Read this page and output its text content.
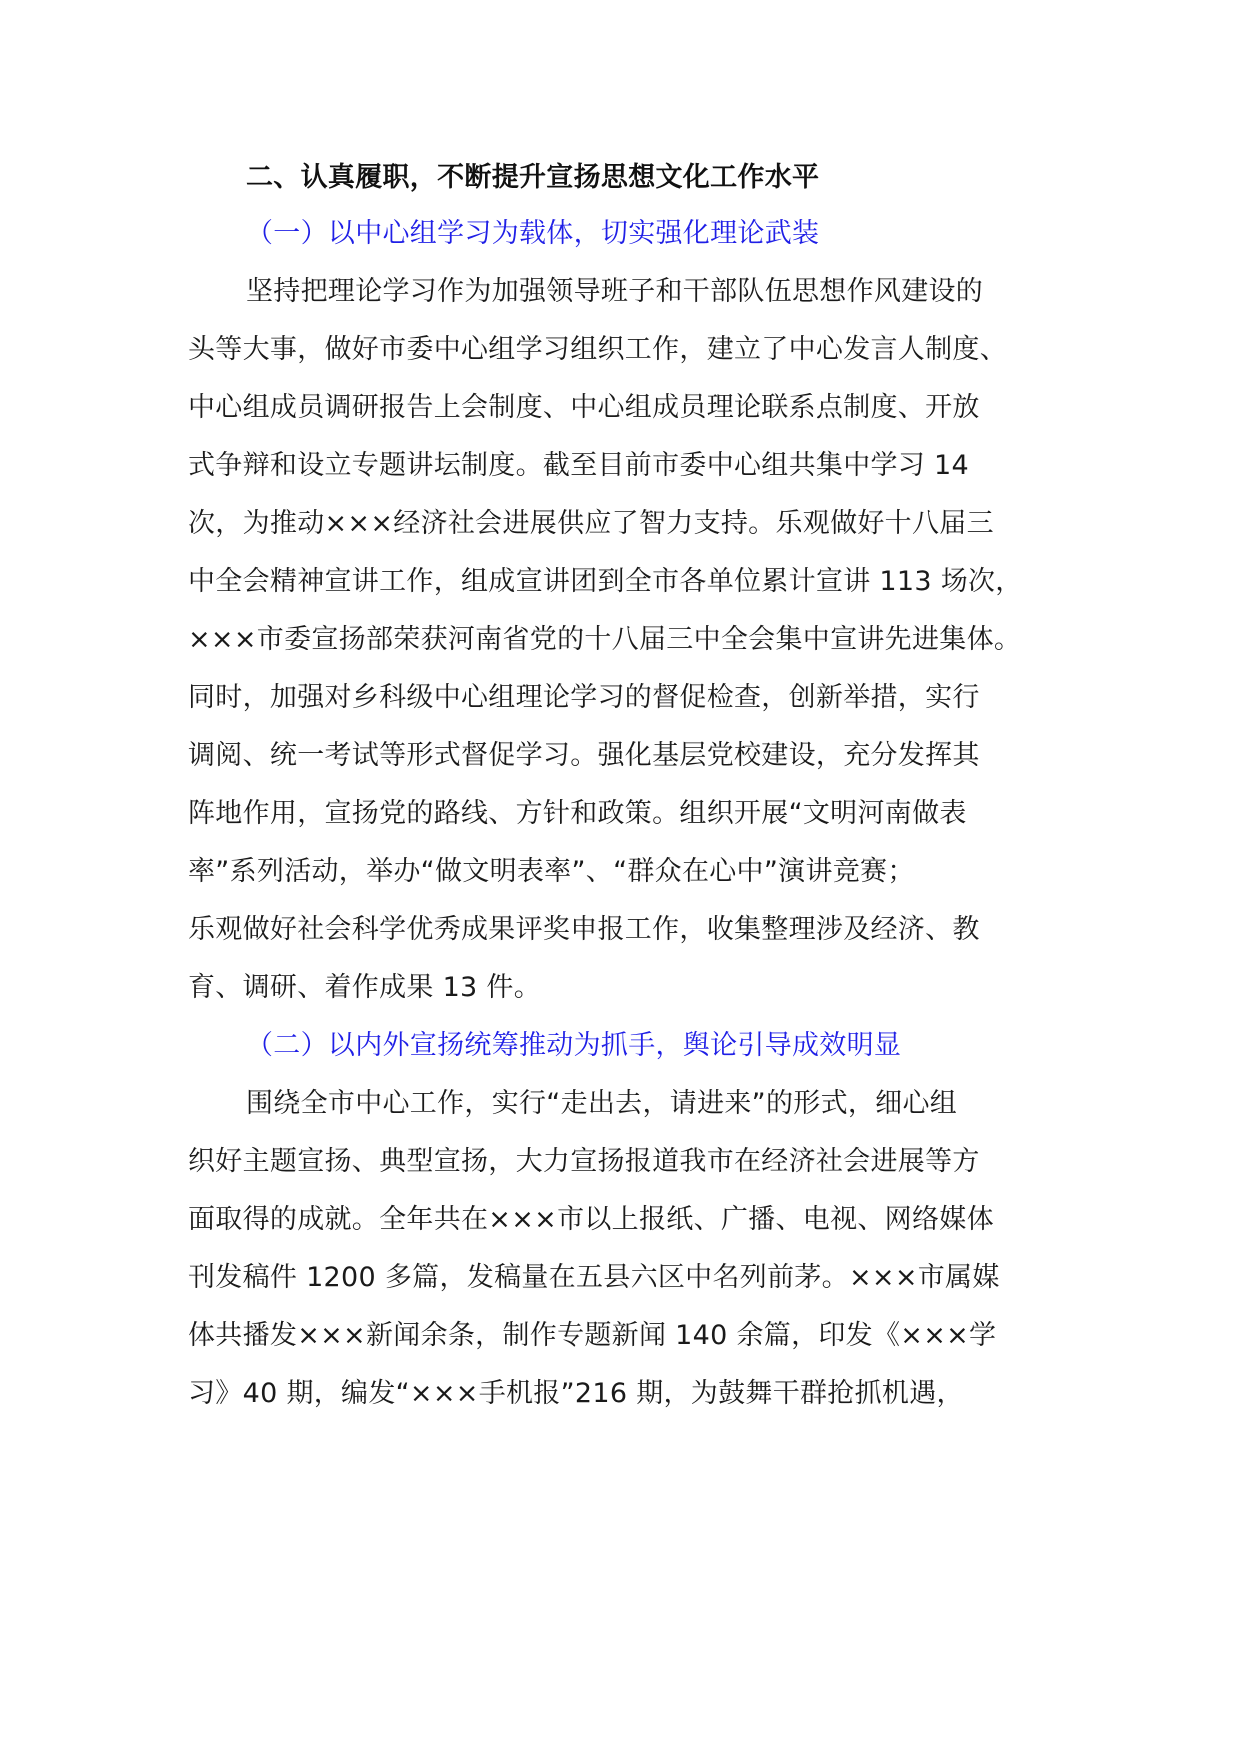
二、认真履职，不断提升宣扬思想文化工作水平
（一）以中心组学习为载体，切实强化理论武装
坚持把理论学习作为加强领导班子和干部队伍思想作风建设的
头等大事，做好市委中心组学习组织工作，建立了中心发言人制度、
中心组成员调研报告上会制度、中心组成员理论联系点制度、开放
式争辩和设立专题讲坛制度。截至目前市委中心组共集中学习 14
次，为推动×××经济社会进展供应了智力支持。乐观做好十八届三
中全会精神宣讲工作，组成宣讲团到全市各单位累计宣讲 113 场次，
×××市委宣扬部荣获河南省党的十八届三中全会集中宣讲先进集体。
同时，加强对乡科级中心组理论学习的督促检查，创新举措，实行
调阅、统一考试等形式督促学习。强化基层党校建设，充分发挥其
阵地作用，宣扬党的路线、方针和政策。组织开展“文明河南做表
率”系列活动，举办“做文明表率”、“群众在心中”演讲竞赛；
乐观做好社会科学优秀成果评奖申报工作，收集整理涉及经济、教
育、调研、着作成果 13 件。
（二）以内外宣扬统筹推动为抓手，舆论引导成效明显
围绕全市中心工作，实行“走出去，请进来”的形式，细心组
织好主题宣扬、典型宣扬，大力宣扬报道我市在经济社会进展等方
面取得的成就。全年共在×××市以上报纸、广播、电视、网络媒体
刊发稿件 1200 多篇，发稿量在五县六区中名列前茅。×××市属媒
体共播发×××新闻余条，制作专题新闻 140 余篇，印发《×××学
习》40 期，编发“×××手机报”216 期，为鼓舞干群抢抓机遇，
